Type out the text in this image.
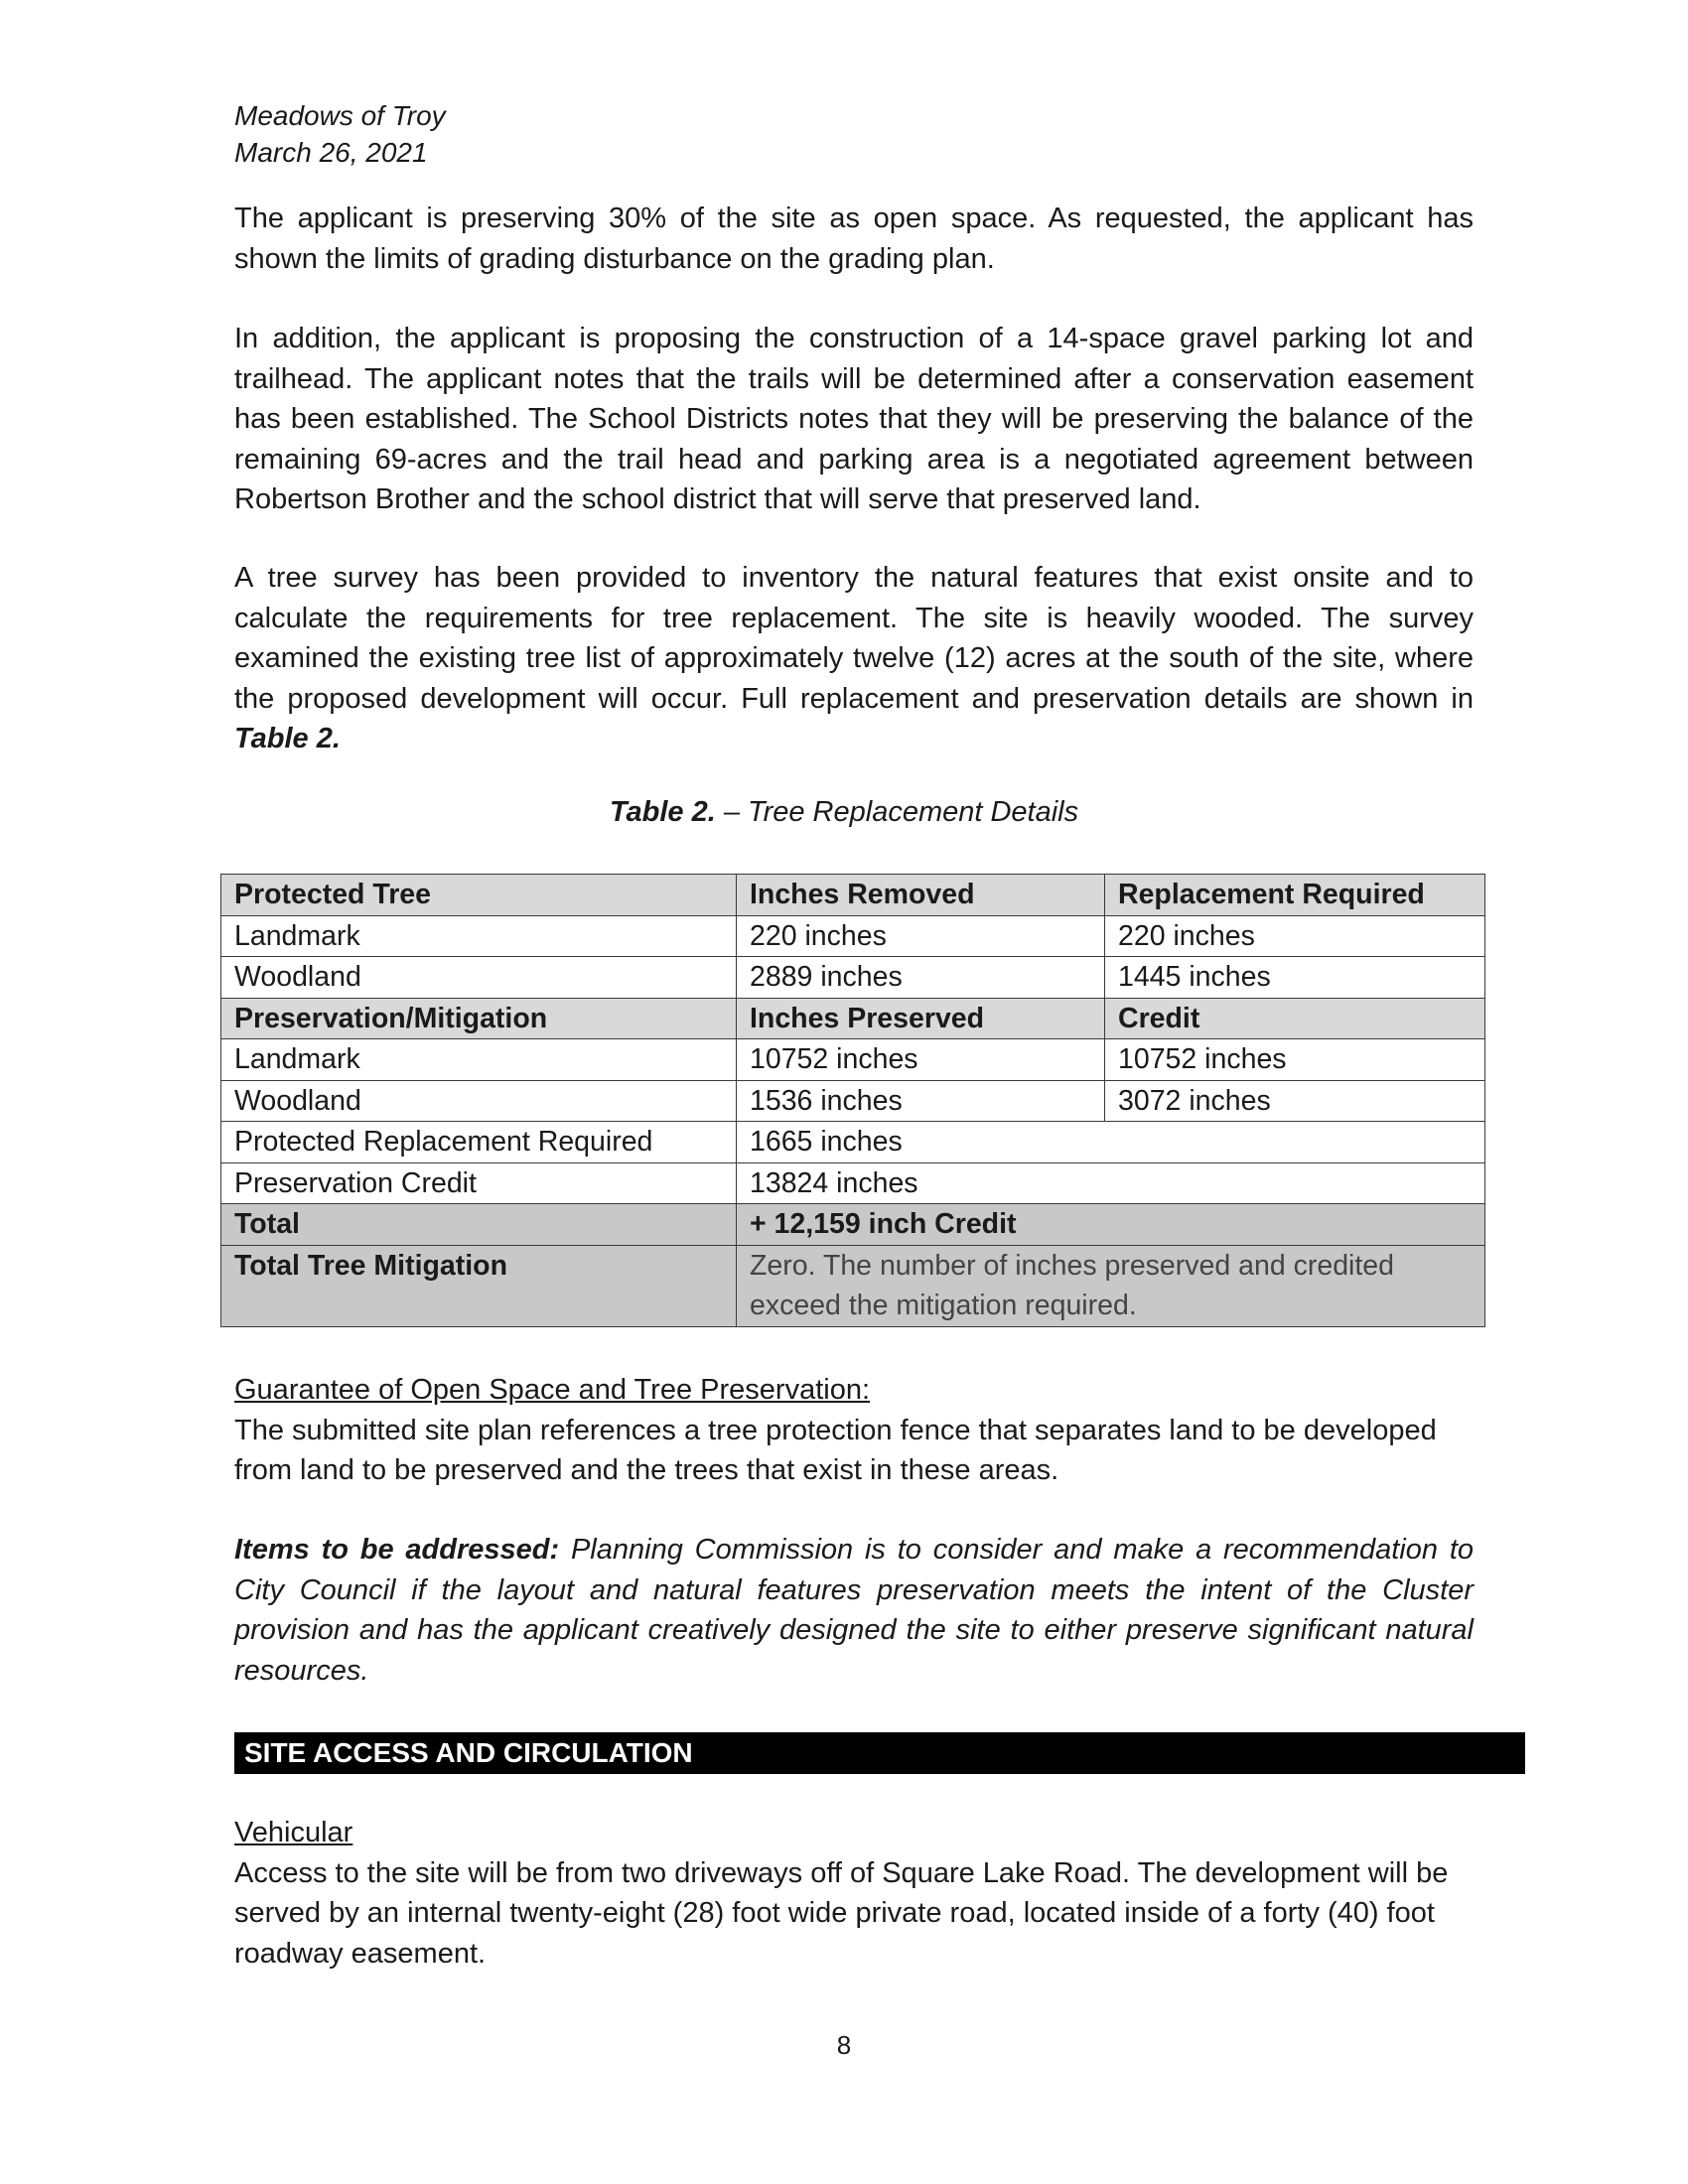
Meadows of Troy
March 26, 2021

The applicant is preserving 30% of the site as open space. As requested, the applicant has shown the limits of grading disturbance on the grading plan.

In addition, the applicant is proposing the construction of a 14-space gravel parking lot and trailhead. The applicant notes that the trails will be determined after a conservation easement has been established. The School Districts notes that they will be preserving the balance of the remaining 69-acres and the trail head and parking area is a negotiated agreement between Robertson Brother and the school district that will serve that preserved land.

A tree survey has been provided to inventory the natural features that exist onsite and to calculate the requirements for tree replacement. The site is heavily wooded. The survey examined the existing tree list of approximately twelve (12) acres at the south of the site, where the proposed development will occur. Full replacement and preservation details are shown in Table 2.

Table 2. – Tree Replacement Details
Protected Tree	Inches Removed	Replacement Required
Landmark	220 inches	220 inches
Woodland	2889 inches	1445 inches
Preservation/Mitigation	Inches Preserved	Credit
Landmark	10752 inches	10752 inches
Woodland	1536 inches	3072 inches
Protected Replacement Required	1665 inches	
Preservation Credit	13824 inches	
Total	+ 12,159 inch Credit	
Total Tree Mitigation	Zero. The number of inches preserved and credited exceed the mitigation required.	
Guarantee of Open Space and Tree Preservation:
The submitted site plan references a tree protection fence that separates land to be developed from land to be preserved and the trees that exist in these areas.

Items to be addressed: Planning Commission is to consider and make a recommendation to City Council if the layout and natural features preservation meets the intent of the Cluster provision and has the applicant creatively designed the site to either preserve significant natural resources.

SITE ACCESS AND CIRCULATION
Vehicular
Access to the site will be from two driveways off of Square Lake Road. The development will be served by an internal twenty-eight (28) foot wide private road, located inside of a forty (40) foot roadway easement.
8
